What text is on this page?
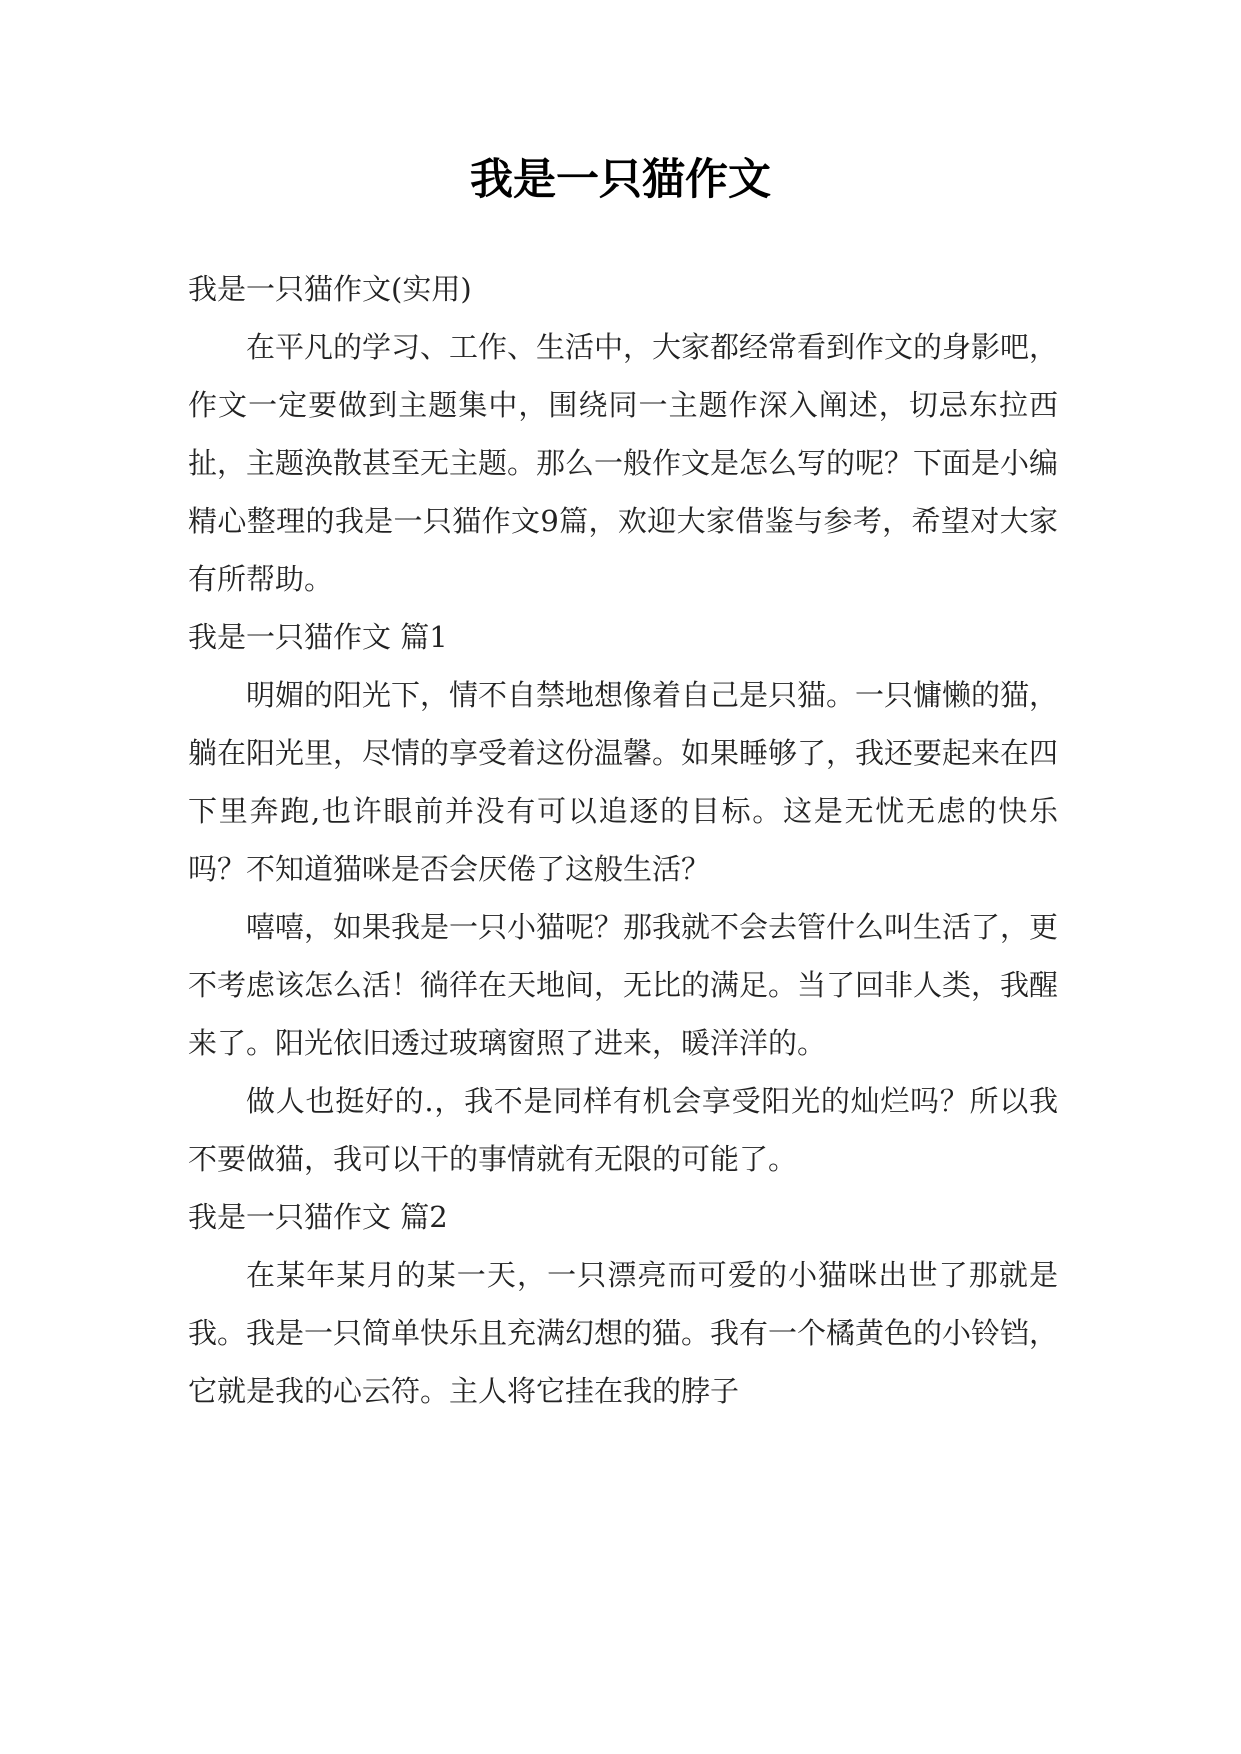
我是一只猫作文

我是一只猫作文(实用)

在平凡的学习、工作、生活中，大家都经常看到作文的身影吧，作文一定要做到主题集中，围绕同一主题作深入阐述，切忌东拉西扯，主题涣散甚至无主题。那么一般作文是怎么写的呢？下面是小编精心整理的我是一只猫作文9篇，欢迎大家借鉴与参考，希望对大家有所帮助。

我是一只猫作文 篇1

明媚的阳光下，情不自禁地想像着自己是只猫。一只慵懒的猫，躺在阳光里，尽情的享受着这份温馨。如果睡够了，我还要起来在四下里奔跑,也许眼前并没有可以追逐的目标。这是无忧无虑的快乐吗？不知道猫咪是否会厌倦了这般生活？

嘻嘻，如果我是一只小猫呢？那我就不会去管什么叫生活了，更不考虑该怎么活！徜徉在天地间，无比的满足。当了回非人类，我醒来了。阳光依旧透过玻璃窗照了进来，暖洋洋的。

做人也挺好的.，我不是同样有机会享受阳光的灿烂吗？所以我不要做猫，我可以干的事情就有无限的可能了。

我是一只猫作文 篇2

在某年某月的某一天，一只漂亮而可爱的小猫咪出世了那就是我。我是一只简单快乐且充满幻想的猫。我有一个橘黄色的小铃铛，它就是我的心云符。主人将它挂在我的脖子
